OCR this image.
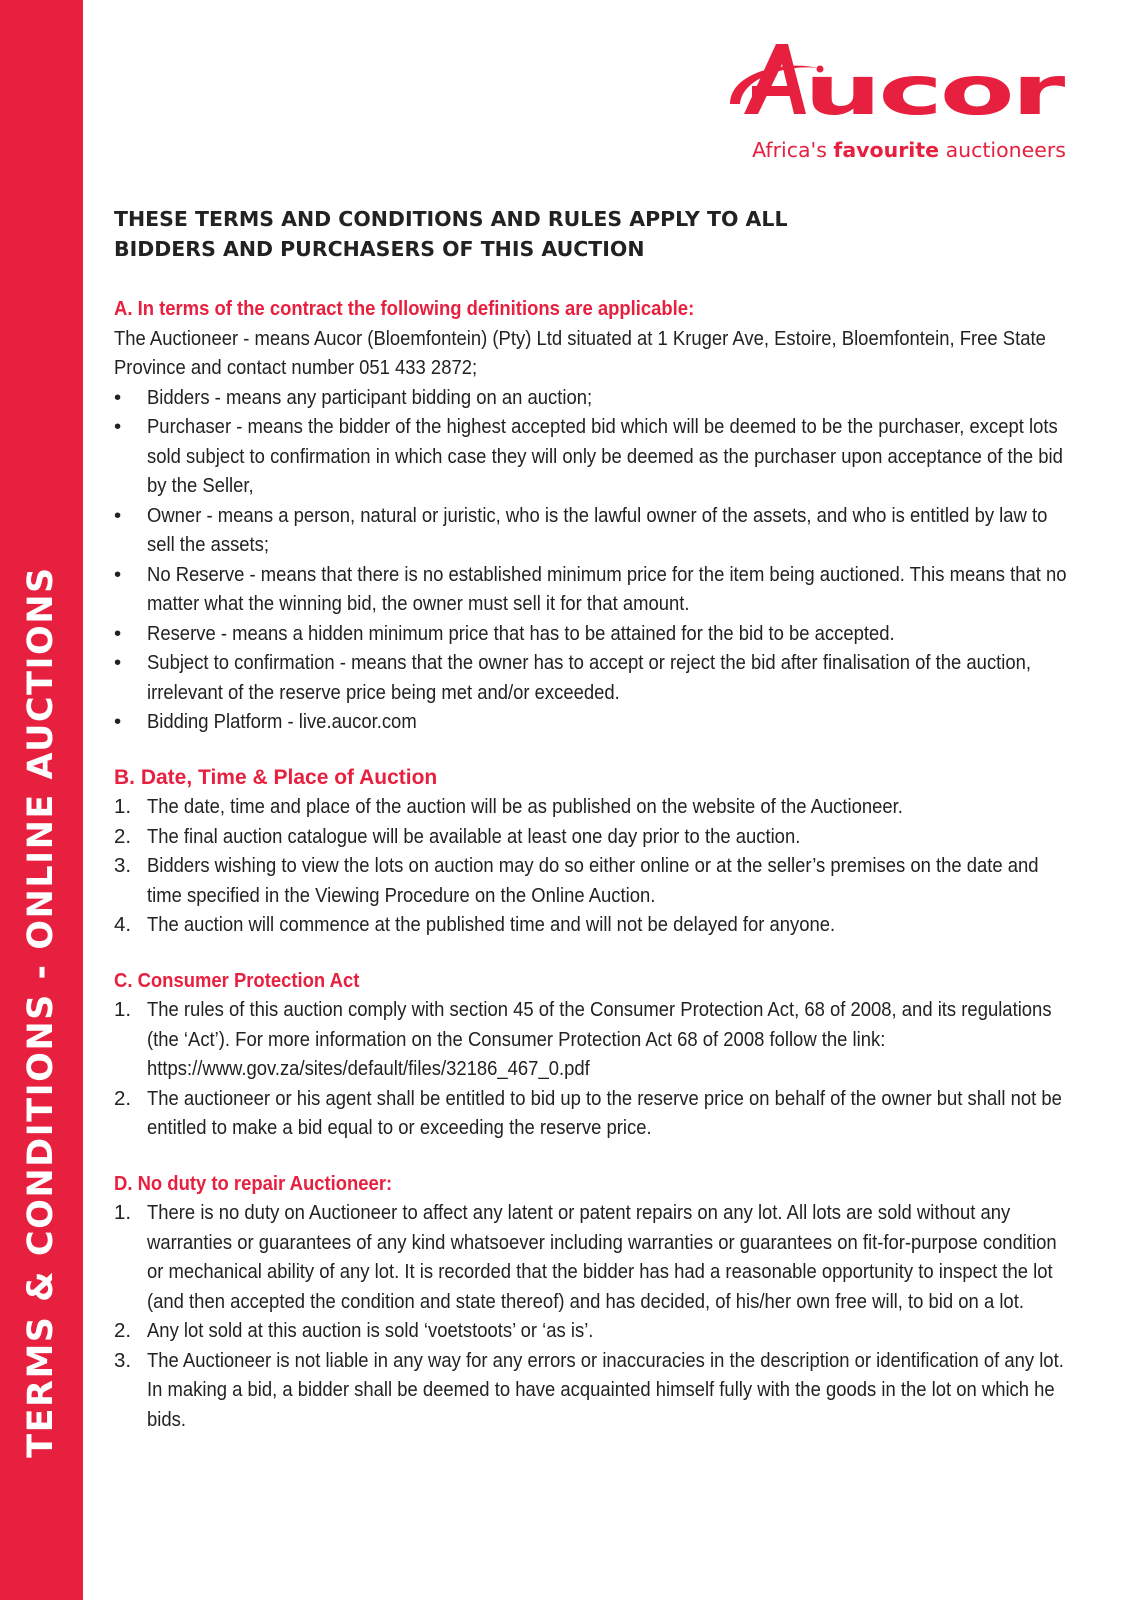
TERMS & CONDITIONS - ONLINE AUCTIONS
ucor
Africa's favourite auctioneers
THESE TERMS AND CONDITIONS AND RULES APPLY TO ALL
BIDDERS AND PURCHASERS OF THIS AUCTION
A. In terms of the contract the following definitions are applicable:

The Auctioneer - means Aucor (Bloemfontein) (Pty) Ltd situated at 1 Kruger Ave, Estoire, Bloemfontein, Free State Province and contact number 051 433 2872;

• Bidders - means any participant bidding on an auction;
• Purchaser - means the bidder of the highest accepted bid which will be deemed to be the purchaser, except lots sold subject to confirmation in which case they will only be deemed as the purchaser upon acceptance of the bid by the Seller,
• Owner - means a person, natural or juristic, who is the lawful owner of the assets, and who is entitled by law to sell the assets;
• No Reserve - means that there is no established minimum price for the item being auctioned. This means that no matter what the winning bid, the owner must sell it for that amount.
• Reserve - means a hidden minimum price that has to be attained for the bid to be accepted.
• Subject to confirmation - means that the owner has to accept or reject the bid after finalisation of the auction, irrelevant of the reserve price being met and/or exceeded.
• Bidding Platform - live.aucor.com
B. Date, Time & Place of Auction
1. The date, time and place of the auction will be as published on the website of the Auctioneer.
2. The final auction catalogue will be available at least one day prior to the auction.
3. Bidders wishing to view the lots on auction may do so either online or at the seller’s premises on the date and time specified in the Viewing Procedure on the Online Auction.
4. The auction will commence at the published time and will not be delayed for anyone.
C. Consumer Protection Act
1. The rules of this auction comply with section 45 of the Consumer Protection Act, 68 of 2008, and its regulations (the ‘Act’). For more information on the Consumer Protection Act 68 of 2008 follow the link: https://www.gov.za/sites/default/files/32186_467_0.pdf
2. The auctioneer or his agent shall be entitled to bid up to the reserve price on behalf of the owner but shall not be entitled to make a bid equal to or exceeding the reserve price.
D. No duty to repair Auctioneer:
1. There is no duty on Auctioneer to affect any latent or patent repairs on any lot. All lots are sold without any warranties or guarantees of any kind whatsoever including warranties or guarantees on fit-for-purpose condition or mechanical ability of any lot. It is recorded that the bidder has had a reasonable opportunity to inspect the lot (and then accepted the condition and state thereof) and has decided, of his/her own free will, to bid on a lot.
2. Any lot sold at this auction is sold ‘voetstoots’ or ‘as is’.
3. The Auctioneer is not liable in any way for any errors or inaccuracies in the description or identification of any lot. In making a bid, a bidder shall be deemed to have acquainted himself fully with the goods in the lot on which he bids.
